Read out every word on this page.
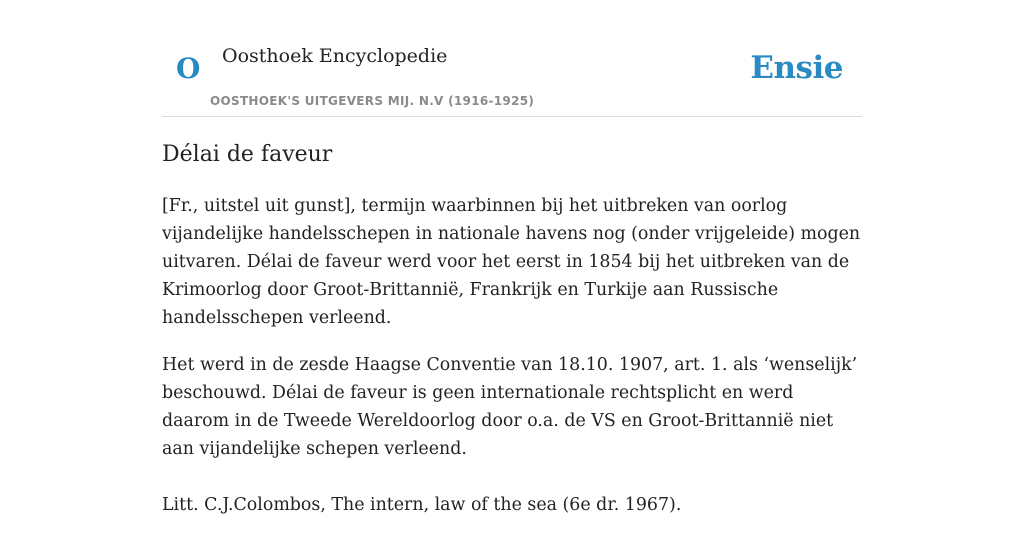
O Oosthoek Encyclopedie
OOSTHOEK'S UITGEVERS MIJ. N.V (1916-1925)
Ensie
Délai de faveur

[Fr., uitstel uit gunst], termijn waarbinnen bij het uitbreken van oorlog vijandelijke handelsschepen in nationale havens nog (onder vrijgeleide) mogen uitvaren. Délai de faveur werd voor het eerst in 1854 bij het uitbreken van de Krimoorlog door Groot-Brittannië, Frankrijk en Turkije aan Russische handelsschepen verleend.

Het werd in de zesde Haagse Conventie van 18.10. 1907, art. 1. als ‘wenselijk’ beschouwd. Délai de faveur is geen internationale rechtsplicht en werd daarom in de Tweede Wereldoorlog door o.a. de VS en Groot-Brittannië niet aan vijandelijke schepen verleend.

Litt. C.J.Colombos, The intern, law of the sea (6e dr. 1967).
